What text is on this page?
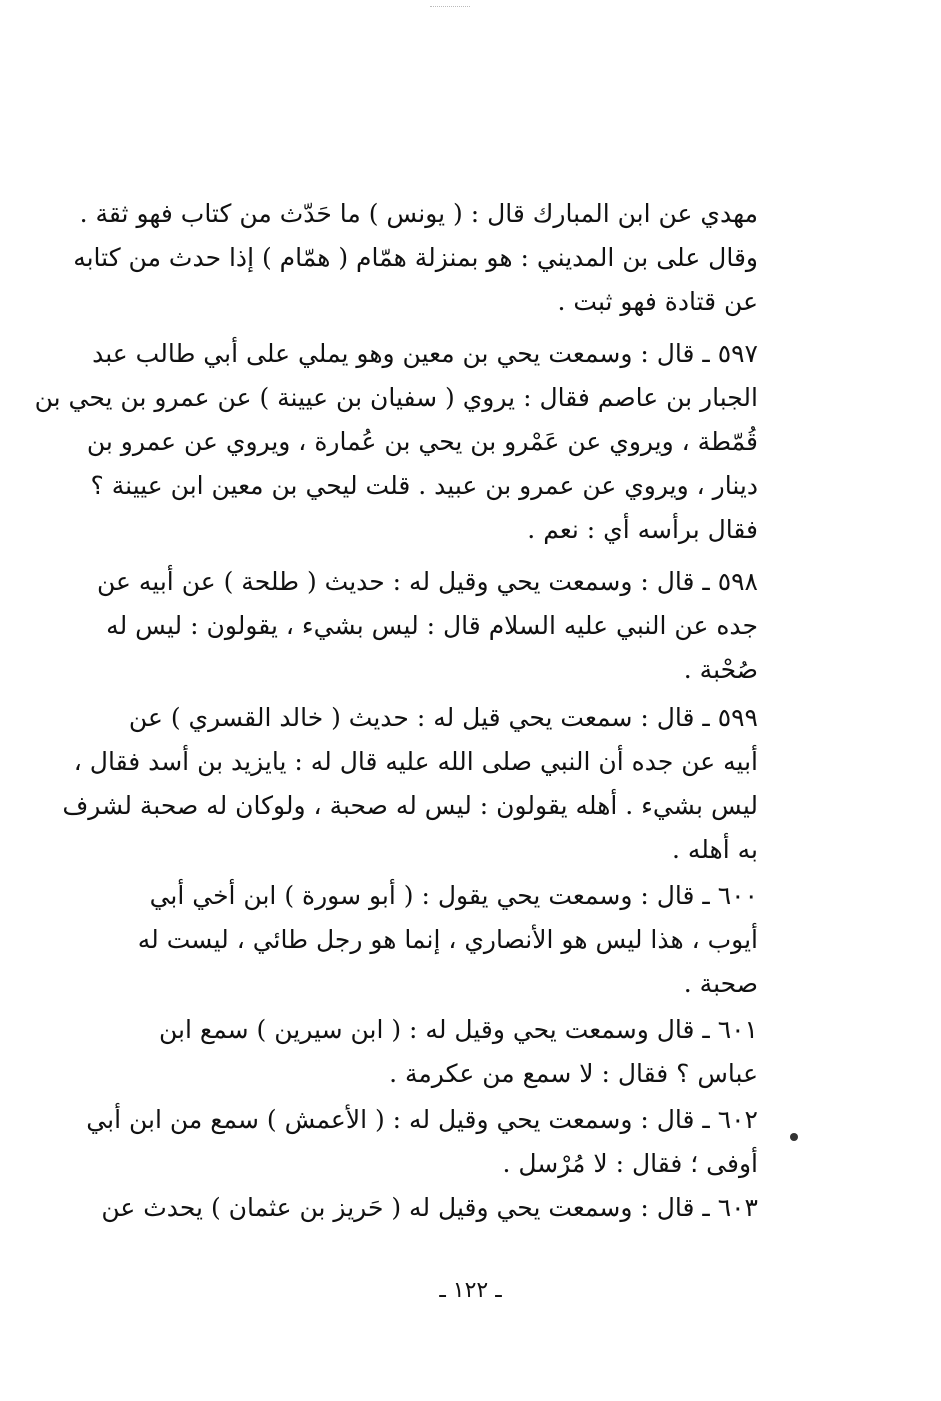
مهدي عن ابن المبارك قال : ( يونس ) ما حَدّث من كتاب فهو ثقة .
وقال على بن المديني : هو بمنزلة همّام ( همّام ) إذا حدث من كتابه
عن قتادة فهو ثبت .
٥٩٧ ـ قال : وسمعت يحي بن معين وهو يملي على أبي طالب عبد
الجبار بن عاصم فقال : يروي ( سفيان بن عيينة ) عن عمرو بن يحي بن
قُمّطة ، ويروي عن عَمْرو بن يحي بن عُمارة ، ويروي عن عمرو بن
دينار ، ويروي عن عمرو بن عبيد . قلت ليحي بن معين ابن عيينة ؟
فقال برأسه أي : نعم .
٥٩٨ ـ قال : وسمعت يحي وقيل له : حديث ( طلحة ) عن أبيه عن
جده عن النبي عليه السلام قال : ليس بشيء ، يقولون : ليس له
صُحْبة .
٥٩٩ ـ قال : سمعت يحي قيل له : حديث ( خالد القسري ) عن
أبيه عن جده أن النبي صلى الله عليه قال له : يايزيد بن أسد فقال ،
ليس بشيء . أهله يقولون : ليس له صحبة ، ولوكان له صحبة لشرف
به أهله .
٦٠٠ ـ قال : وسمعت يحي يقول : ( أبو سورة ) ابن أخي أبي
أيوب ، هذا ليس هو الأنصاري ، إنما هو رجل طائي ، ليست له
صحبة .
٦٠١ ـ قال وسمعت يحي وقيل له : ( ابن سيرين ) سمع ابن
عباس ؟ فقال : لا سمع من عكرمة .
٦٠٢ ـ قال : وسمعت يحي وقيل له : ( الأعمش ) سمع من ابن أبي
أوفى ؛ فقال : لا مُرْسل .
٦٠٣ ـ قال : وسمعت يحي وقيل له ( حَريز بن عثمان ) يحدث عن
ـ ١٢٢ ـ
